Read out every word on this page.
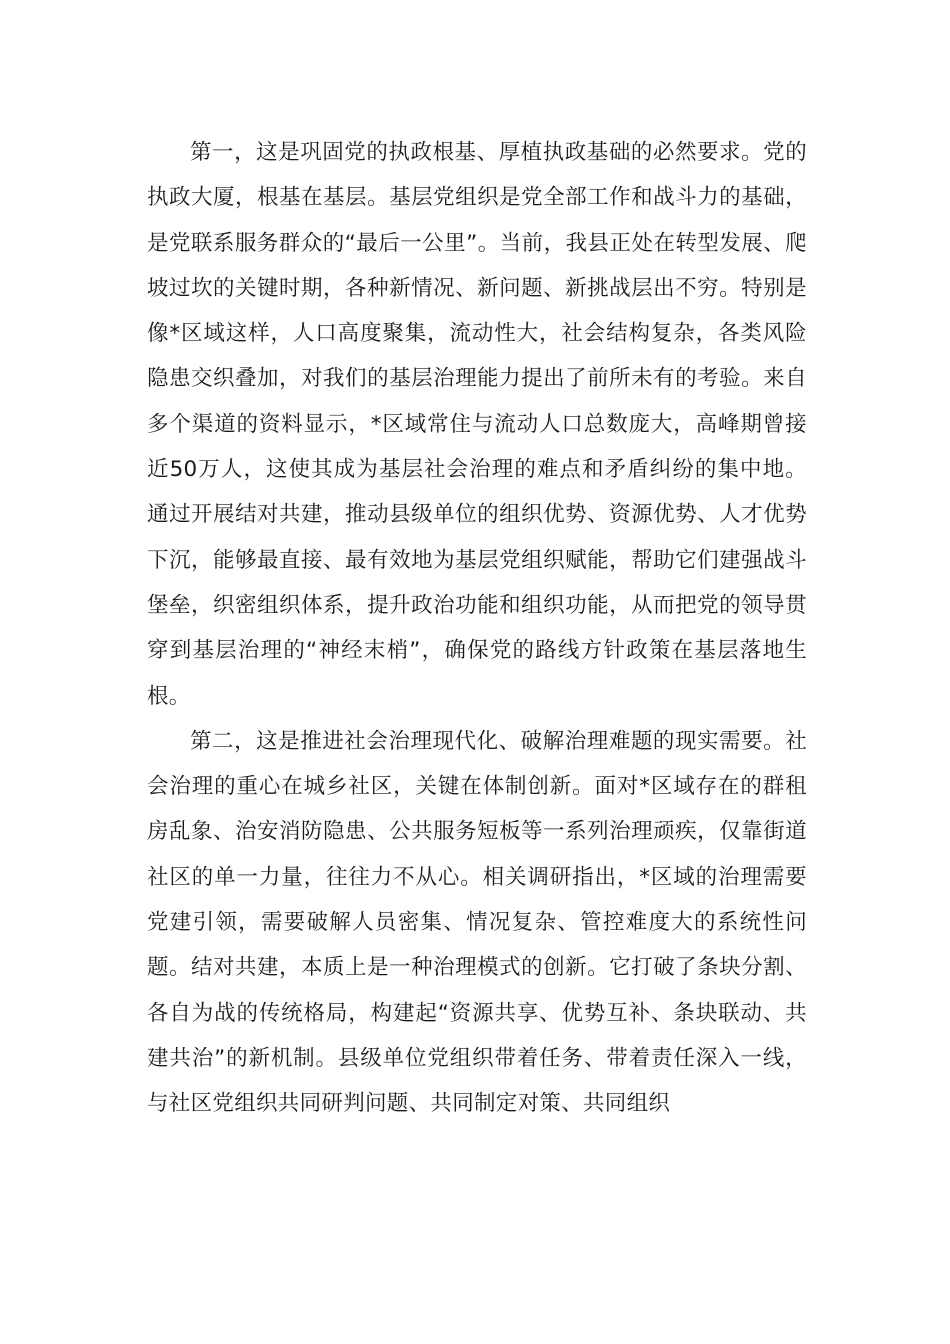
第一，这是巩固党的执政根基、厚植执政基础的必然要求。党的执政大厦，根基在基层。基层党组织是党全部工作和战斗力的基础，是党联系服务群众的“最后一公里”。当前，我县正处在转型发展、爬坡过坎的关键时期，各种新情况、新问题、新挑战层出不穷。特别是像*区域这样，人口高度聚集，流动性大，社会结构复杂，各类风险隐患交织叠加，对我们的基层治理能力提出了前所未有的考验。来自多个渠道的资料显示，*区域常住与流动人口总数庞大，高峰期曾接近50万人，这使其成为基层社会治理的难点和矛盾纠纷的集中地。通过开展结对共建，推动县级单位的组织优势、资源优势、人才优势下沉，能够最直接、最有效地为基层党组织赋能，帮助它们建强战斗堡垒，织密组织体系，提升政治功能和组织功能，从而把党的领导贯穿到基层治理的“神经末梢”，确保党的路线方针政策在基层落地生根。

第二，这是推进社会治理现代化、破解治理难题的现实需要。社会治理的重心在城乡社区，关键在体制创新。面对*区域存在的群租房乱象、治安消防隐患、公共服务短板等一系列治理顽疾，仅靠街道社区的单一力量，往往力不从心。相关调研指出，*区域的治理需要党建引领，需要破解人员密集、情况复杂、管控难度大的系统性问题。结对共建，本质上是一种治理模式的创新。它打破了条块分割、各自为战的传统格局，构建起“资源共享、优势互补、条块联动、共建共治”的新机制。县级单位党组织带着任务、带着责任深入一线，与社区党组织共同研判问题、共同制定对策、共同组织
